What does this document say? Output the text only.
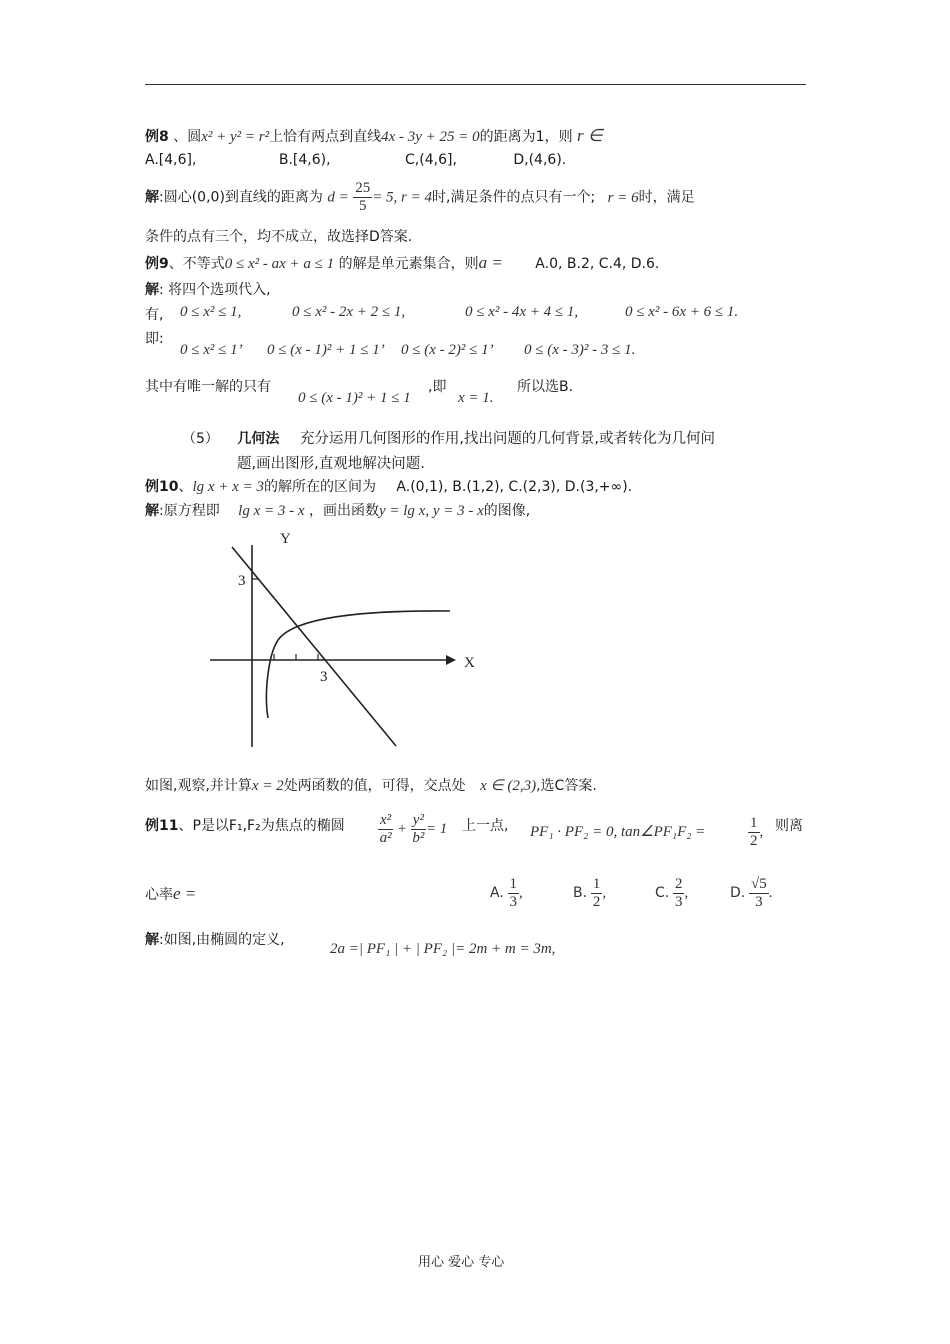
例8 、圆x² + y² = r²上恰有两点到直线4x - 3y + 25 = 0的距离为1，则 r ∈
A.[4,6],	B.[4,6),	C,(4,6],	D,(4,6).
解:圆心(0,0)到直线的距离为 $d = \frac{25}{5} = 5$, r = 4时,满足条件的点只有一个; r = 6时，满足
条件的点有三个，均不成立，故选择D答案.
例9、不等式0 ≤ x² - ax + a ≤ 1 的解是单元素集合，则a = A.0, B.2, C.4, D.6.
解: 将四个选项代入,
有, 0 ≤ x² ≤ 1,	0 ≤ x² - 2x + 2 ≤ 1,	0 ≤ x² - 4x + 4 ≤ 1,	0 ≤ x² - 6x + 6 ≤ 1.
即:
0 ≤ x² ≤ 1’ 0 ≤ (x - 1)² + 1 ≤ 1’ 0 ≤ (x - 2)² ≤ 1’ 0 ≤ (x - 3)² - 3 ≤ 1.
其中有唯一解的只有
0 ≤ (x - 1)² + 1 ≤ 1
,即
x = 1.
所以选B.
（5） 几何法 充分运用几何图形的作用,找出问题的几何背景,或者转化为几何问
题,画出图形,直观地解决问题.
例10、lg x + x = 3的解所在的区间为 A.(0,1), B.(1,2), C.(2,3), D.(3,+∞).
解:原方程即 lg x = 3 - x ，画出函数y = lg x, y = 3 - x的图像,
Y
X
3
3
如图,观察,并计算x = 2处两函数的值，可得，交点处 x ∈ (2,3),选C答案.
例11、P是以F₁,F₂为焦点的椭圆 $\frac{\text{x²}}{\text{a²}} + \frac{\text{y²}}{\text{b²}} = 1$ 上一点, PF₁ · PF₂ = 0, tan∠PF₁F₂ =	$\frac{1}{2}$ , 则离
心率e =	A. $\frac{1}{3}$ ,	B. $\frac{1}{2}$ ,	C. $\frac{2}{3}$ ,	D. $\frac{√5}{3}$ .
解:如图,由椭圆的定义,
2a =| PF₁ | + | PF₂ |= 2m + m = 3m,
用心 爱心 专心
